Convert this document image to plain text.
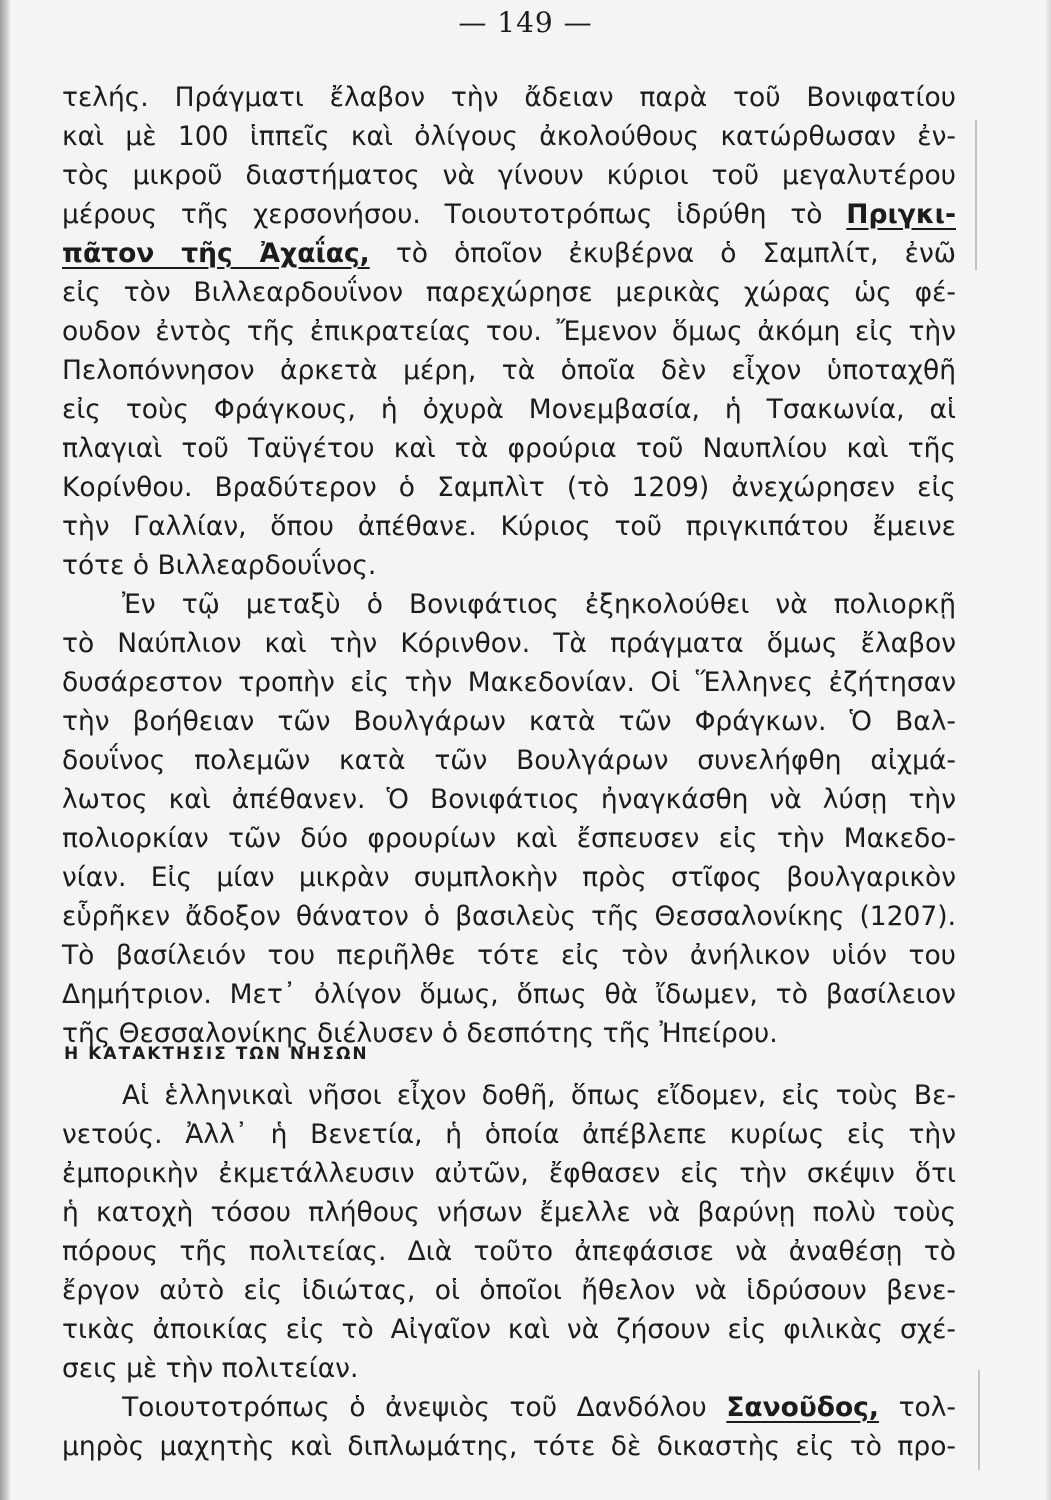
— 149 —
τελής. Πράγματι ἔλαβον τὴν ἄδειαν παρὰ τοῦ Βονιφατίου
καὶ μὲ 100 ἱππεῖς καὶ ὀλίγους ἀκολούθους κατώρθωσαν ἐν-
τὸς μικροῦ διαστήματος νὰ γίνουν κύριοι τοῦ μεγαλυτέρου
μέρους τῆς χερσονήσου. Τοιουτοτρόπως ἱδρύθη τὸ Πριγκι-
πᾶτον τῆς Ἀχαΐας, τὸ ὁποῖον ἐκυβέρνα ὁ Σαμπλίτ, ἐνῶ
εἰς τὸν Βιλλεαρδουΐνον παρεχώρησε μερικὰς χώρας ὡς φέ-
ουδον ἐντὸς τῆς ἐπικρατείας του. Ἔμενον ὅμως ἀκόμη εἰς τὴν
Πελοπόννησον ἀρκετὰ μέρη, τὰ ὁποῖα δὲν εἶχον ὑποταχθῆ
εἰς τοὺς Φράγκους, ἡ ὀχυρὰ Μονεμβασία, ἡ Τσακωνία, αἱ
πλαγιαὶ τοῦ Ταϋγέτου καὶ τὰ φρούρια τοῦ Ναυπλίου καὶ τῆς
Κορίνθου. Βραδύτερον ὁ Σαμπλὶτ (τὸ 1209) ἀνεχώρησεν εἰς
τὴν Γαλλίαν, ὅπου ἀπέθανε. Κύριος τοῦ πριγκιπάτου ἔμεινε
τότε ὁ Βιλλεαρδουΐνος.
Ἐν τῷ μεταξὺ ὁ Βονιφάτιος ἐξηκολούθει νὰ πολιορκῇ
τὸ Ναύπλιον καὶ τὴν Κόρινθον. Τὰ πράγματα ὅμως ἔλαβον
δυσάρεστον τροπὴν εἰς τὴν Μακεδονίαν. Οἱ Ἕλληνες ἐζήτησαν
τὴν βοήθειαν τῶν Βουλγάρων κατὰ τῶν Φράγκων. Ὁ Βαλ-
δουΐνος πολεμῶν κατὰ τῶν Βουλγάρων συνελήφθη αἰχμά-
λωτος καὶ ἀπέθανεν. Ὁ Βονιφάτιος ἠναγκάσθη νὰ λύσῃ τὴν
πολιορκίαν τῶν δύο φρουρίων καὶ ἔσπευσεν εἰς τὴν Μακεδο-
νίαν. Εἰς μίαν μικρὰν συμπλοκὴν πρὸς στῖφος βουλγαρικὸν
εὗρῆκεν ἄδοξον θάνατον ὁ βασιλεὺς τῆς Θεσσαλονίκης (1207).
Τὸ βασίλειόν του περιῆλθε τότε εἰς τὸν ἀνήλικον υἱόν του
Δημήτριον. Μετ᾽ ὀλίγον ὅμως, ὅπως θὰ ἴδωμεν, τὸ βασίλειον
τῆς Θεσσαλονίκης διέλυσεν ὁ δεσπότης τῆς Ἠπείρου.
Η ΚΑΤΑΚΤΗΣΙΣ ΤΩΝ ΝΗΣΩΝ
Αἱ ἑλληνικαὶ νῆσοι εἶχον δοθῆ, ὅπως εἴδομεν, εἰς τοὺς Βε-
νετούς. Ἀλλ᾽ ἡ Βενετία, ἡ ὁποία ἀπέβλεπε κυρίως εἰς τὴν
ἐμπορικὴν ἐκμετάλλευσιν αὐτῶν, ἔφθασεν εἰς τὴν σκέψιν ὅτι
ἡ κατοχὴ τόσου πλήθους νήσων ἔμελλε νὰ βαρύνῃ πολὺ τοὺς
πόρους τῆς πολιτείας. Διὰ τοῦτο ἀπεφάσισε νὰ ἀναθέσῃ τὸ
ἔργον αὐτὸ εἰς ἰδιώτας, οἱ ὁποῖοι ἤθελον νὰ ἱδρύσουν βενε-
τικὰς ἀποικίας εἰς τὸ Αἰγαῖον καὶ νὰ ζήσουν εἰς φιλικὰς σχέ-
σεις μὲ τὴν πολιτείαν.
Τοιουτοτρόπως ὁ ἀνεψιὸς τοῦ Δανδόλου Σανοῦδος, τολ-
μηρὸς μαχητὴς καὶ διπλωμάτης, τότε δὲ δικαστὴς εἰς τὸ προ-
